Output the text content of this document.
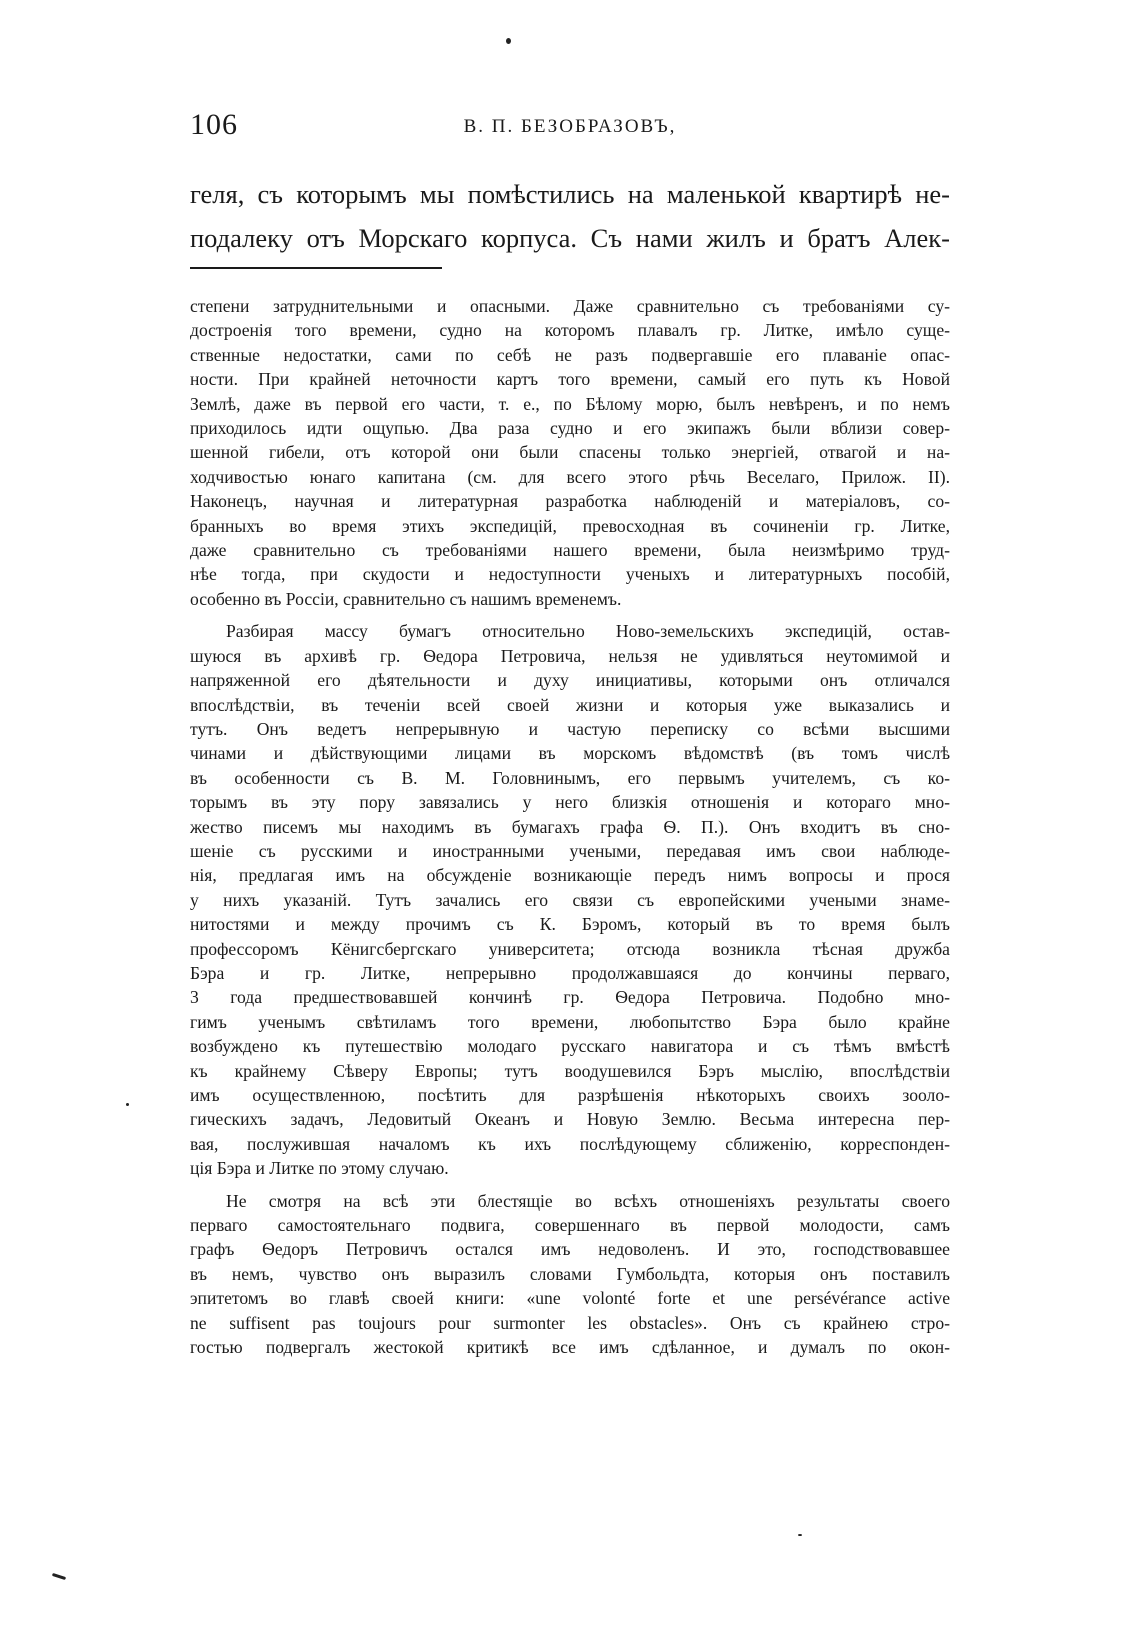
106	В. П. БЕЗОБРАЗОВЪ,
геля, съ которымъ мы помѣстились на маленькой квартирѣ не-
подалеку отъ Морскаго корпуса. Съ нами жилъ и братъ Алек-
степени затруднительными и опасными. Даже сравнительно съ требованіями су-
достроенія того времени, судно на которомъ плавалъ гр. Литке, имѣло суще-
ственные недостатки, сами по себѣ не разъ подвергавшіе его плаваніе опас-
ности. При крайней неточности картъ того времени, самый его путь къ Новой
Землѣ, даже въ первой его части, т. е., по Бѣлому морю, былъ невѣренъ, и по немъ
приходилось идти ощупью. Два раза судно и его экипажъ были вблизи совер-
шенной гибели, отъ которой они были спасены только энергіей, отвагой и на-
ходчивостью юнаго капитана (см. для всего этого рѣчь Веселаго, Прилож. II).
Наконецъ, научная и литературная разработка наблюденій и матеріаловъ, со-
бранныхъ во время этихъ экспедицій, превосходная въ сочиненіи гр. Литке,
даже сравнительно съ требованіями нашего времени, была неизмѣримо труд-
нѣе тогда, при скудости и недоступности ученыхъ и литературныхъ пособій,
особенно въ Россіи, сравнительно съ нашимъ временемъ.
Разбирая массу бумагъ относительно Ново-земельскихъ экспедицій, остав-
шуюся въ архивѣ гр. Ѳедора Петровича, нельзя не удивляться неутомимой и
напряженной его дѣятельности и духу инициативы, которыми онъ отличался
впослѣдствіи, въ теченіи всей своей жизни и которыя уже выказались и
тутъ. Онъ ведетъ непрерывную и частую переписку со всѣми высшими
чинами и дѣйствующими лицами въ морскомъ вѣдомствѣ (въ томъ числѣ
въ особенности съ В. М. Головнинымъ, его первымъ учителемъ, съ ко-
торымъ въ эту пору завязались у него близкія отношенія и котораго мно-
жество писемъ мы находимъ въ бумагахъ графа Ѳ. П.). Онъ входитъ въ сно-
шеніе съ русскими и иностранными учеными, передавая имъ свои наблюде-
нія, предлагая имъ на обсужденіе возникающіе передъ нимъ вопросы и прося
у нихъ указаній. Тутъ зачались его связи съ европейскими учеными знаме-
нитостями и между прочимъ съ К. Бэромъ, который въ то время былъ
профессоромъ Кёнигсбергскаго университета; отсюда возникла тѣсная дружба
Бэра и гр. Литке, непрерывно продолжавшаяся до кончины перваго,
3 года предшествовавшей кончинѣ гр. Ѳедора Петровича. Подобно мно-
гимъ ученымъ свѣтиламъ того времени, любопытство Бэра было крайне
возбуждено къ путешествію молодаго русскаго навигатора и съ тѣмъ вмѣстѣ
къ крайнему Сѣверу Европы; тутъ воодушевился Бэръ мыслію, впослѣдствіи
имъ осуществленною, посѣтить для разрѣшенія нѣкоторыхъ своихъ зооло-
гическихъ задачъ, Ледовитый Океанъ и Новую Землю. Весьма интересна пер-
вая, послужившая началомъ къ ихъ послѣдующему сближенію, корреспонден-
ція Бэра и Литке по этому случаю.
Не смотря на всѣ эти блестящіе во всѣхъ отношеніяхъ результаты своего
перваго самостоятельнаго подвига, совершеннаго въ первой молодости, самъ
графъ Ѳедоръ Петровичъ остался имъ недоволенъ. И это, господствовавшее
въ немъ, чувство онъ выразилъ словами Гумбольдта, которыя онъ поставилъ
эпитетомъ во главѣ своей книги: «une volonté forte et une persévérance active
ne suffisent pas toujours pour surmonter les obstacles». Онъ съ крайнею стро-
гостью подвергалъ жестокой критикѣ все имъ сдѣланное, и думалъ по окон-
